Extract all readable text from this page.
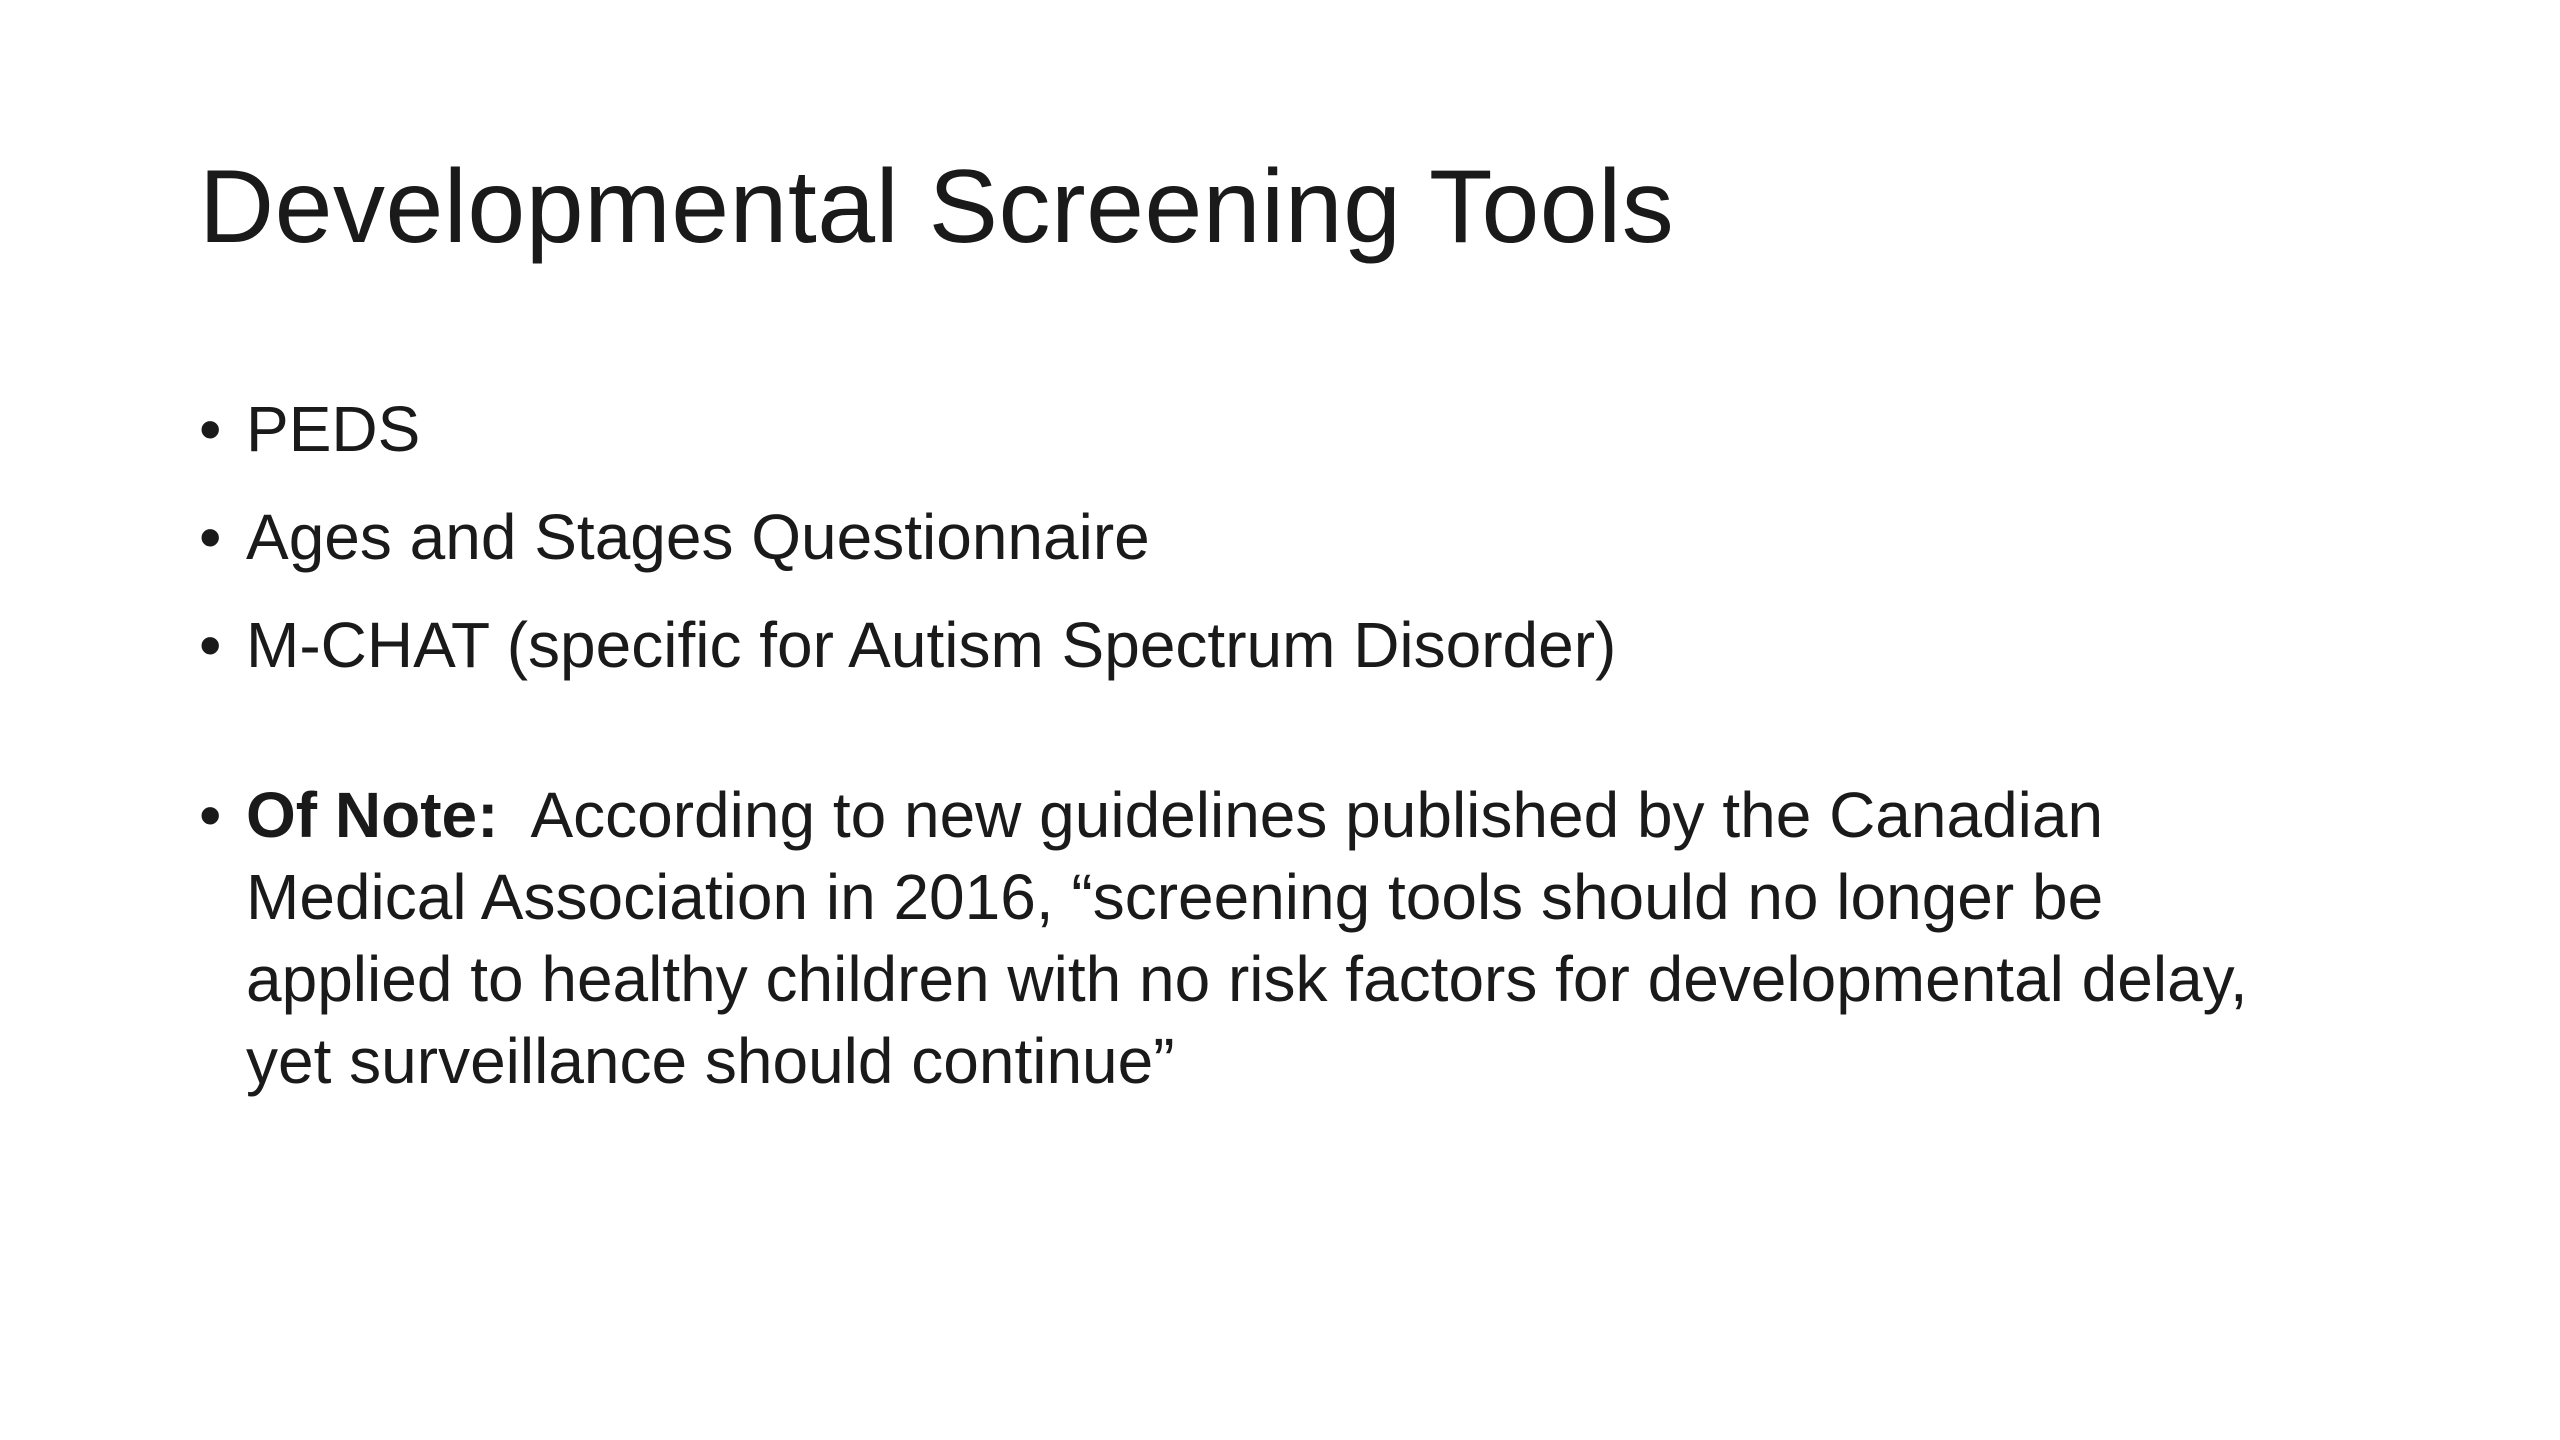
Developmental Screening Tools
• PEDS
• Ages and Stages Questionnaire
• M-CHAT (specific for Autism Spectrum Disorder)
• Of Note:  According to new guidelines published by the Canadian Medical Association in 2016, “screening tools should no longer be applied to healthy children with no risk factors for developmental delay, yet surveillance should continue”
